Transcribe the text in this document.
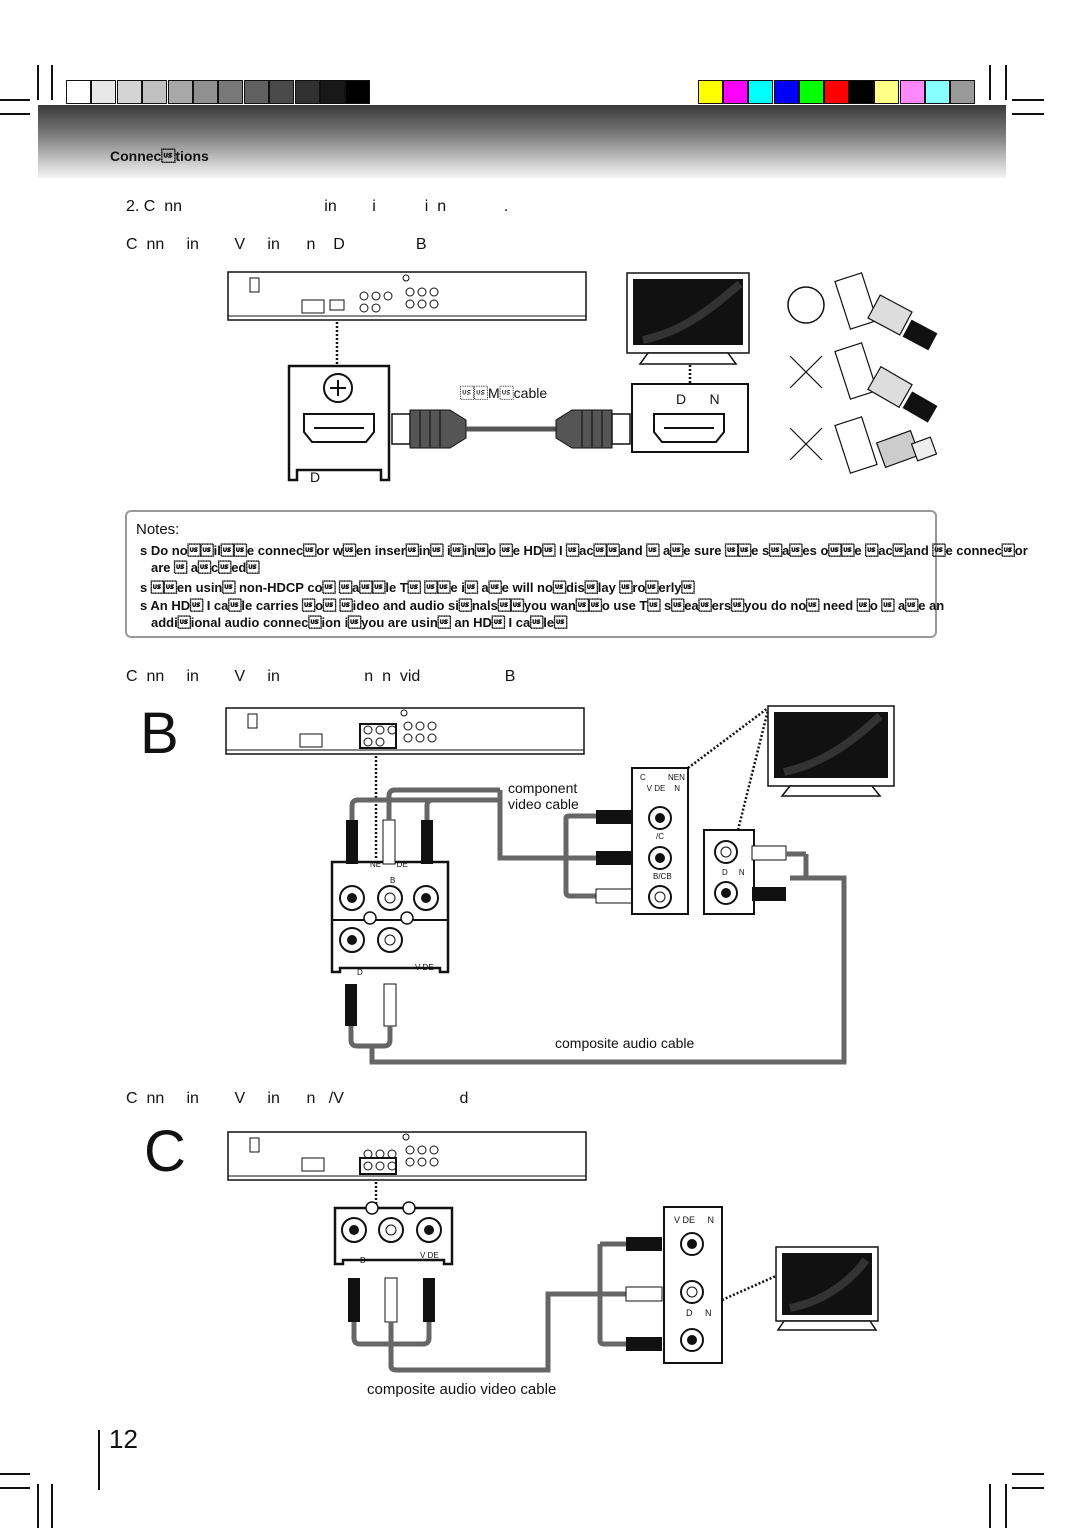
Connections
2. C  nn                                in        i           i  n             .
C  nn     in        V     in      n    D                B
Mcable	D      N
D
Notes:
s Do noile connecor wen inserin iino e HD I acand  ae sure e saes oe acand e connecor
are  aced
s en usin non-HDCP co ale T e i ae will nodislay roerly
s An HD I cale carries o ideo and audio sinalsyou wano use T seaersyou do no need o  ae an
addiional audio connecion iyou are usin an HD I cale
C  nn     in        V     in                   n  n  vid                   B
B
component
video cable
composite audio cable
C          NEN
V DE    N
/C
B/CB	D     N
NE       DE
B
D
V DE
C  nn     in        V     in      n   /V                          d
C
V DE     N
D     N
D
V DE
composite audio video cable
12
